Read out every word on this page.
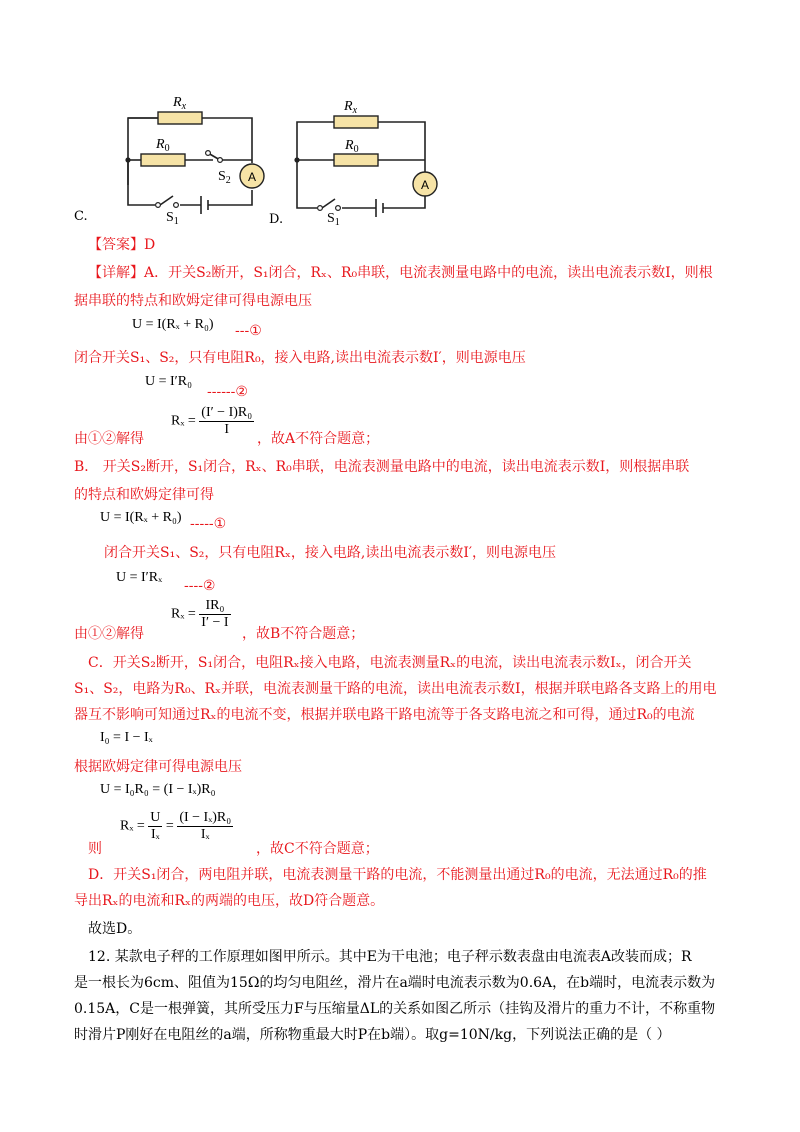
A
$R_x$
$R_0$
$S_2$
$S_1$
C.
A
$R_x$
$R_0$
$S_1$
D.
【答案】D
【详解】A．开关S₂断开，S₁闭合，Rₓ、R₀串联，电流表测量电路中的电流，读出电流表示数I，则根
据串联的特点和欧姆定律可得电源电压
U = I(Rₓ + R₀) ---①
闭合开关S₁、S₂，只有电阻R₀，接入电路,读出电流表示数I′，则电源电压
U = I′R₀
------②
由①②解得
$R_x = \frac{\text{(I′ − I)R₀}}{I}$
，故A不符合题意；
B． 开关S₂断开，S₁闭合，Rₓ、R₀串联，电流表测量电路中的电流，读出电流表示数I，则根据串联
的特点和欧姆定律可得
U = I(Rₓ + R₀) -----①
闭合开关S₁、S₂，只有电阻Rₓ，接入电路,读出电流表示数I′，则电源电压
U = I′Rₓ
----②
由①②解得
$R_x = \frac{\text{IR₀}}{I' - I}$
，故B不符合题意；
C．开关S₂断开，S₁闭合，电阻Rₓ接入电路，电流表测量Rₓ的电流，读出电流表示数Iₓ，闭合开关
S₁、S₂，电路为R₀、Rₓ并联，电流表测量干路的电流，读出电流表示数I，根据并联电路各支路上的用电
器互不影响可知通过Rₓ的电流不变，根据并联电路干路电流等于各支路电流之和可得，通过R₀的电流
I₀ = I − Iₓ
根据欧姆定律可得电源电压
U = I₀R₀ = (I − Iₓ)R₀
则
$R_x = \frac{U}{\text{Iₓ}} = \frac{\text{(I − Iₓ)R₀}}{\text{Iₓ}}$
，故C不符合题意；
D．开关S₁闭合，两电阻并联，电流表测量干路的电流，不能测量出通过R₀的电流，无法通过R₀的推
导出Rₓ的电流和Rₓ的两端的电压，故D符合题意。
故选D。
12. 某款电子秤的工作原理如图甲所示。其中E为干电池；电子秤示数表盘由电流表A改装而成；R
是一根长为6cm、阻值为15Ω的均匀电阻丝，滑片在a端时电流表示数为0.6A，在b端时，电流表示数为
0.15A，C是一根弹簧，其所受压力F与压缩量ΔL的关系如图乙所示（挂钩及滑片的重力不计，不称重物
时滑片P刚好在电阻丝的a端，所称物重最大时P在b端）。取g=10N/kg，下列说法正确的是（ ）
